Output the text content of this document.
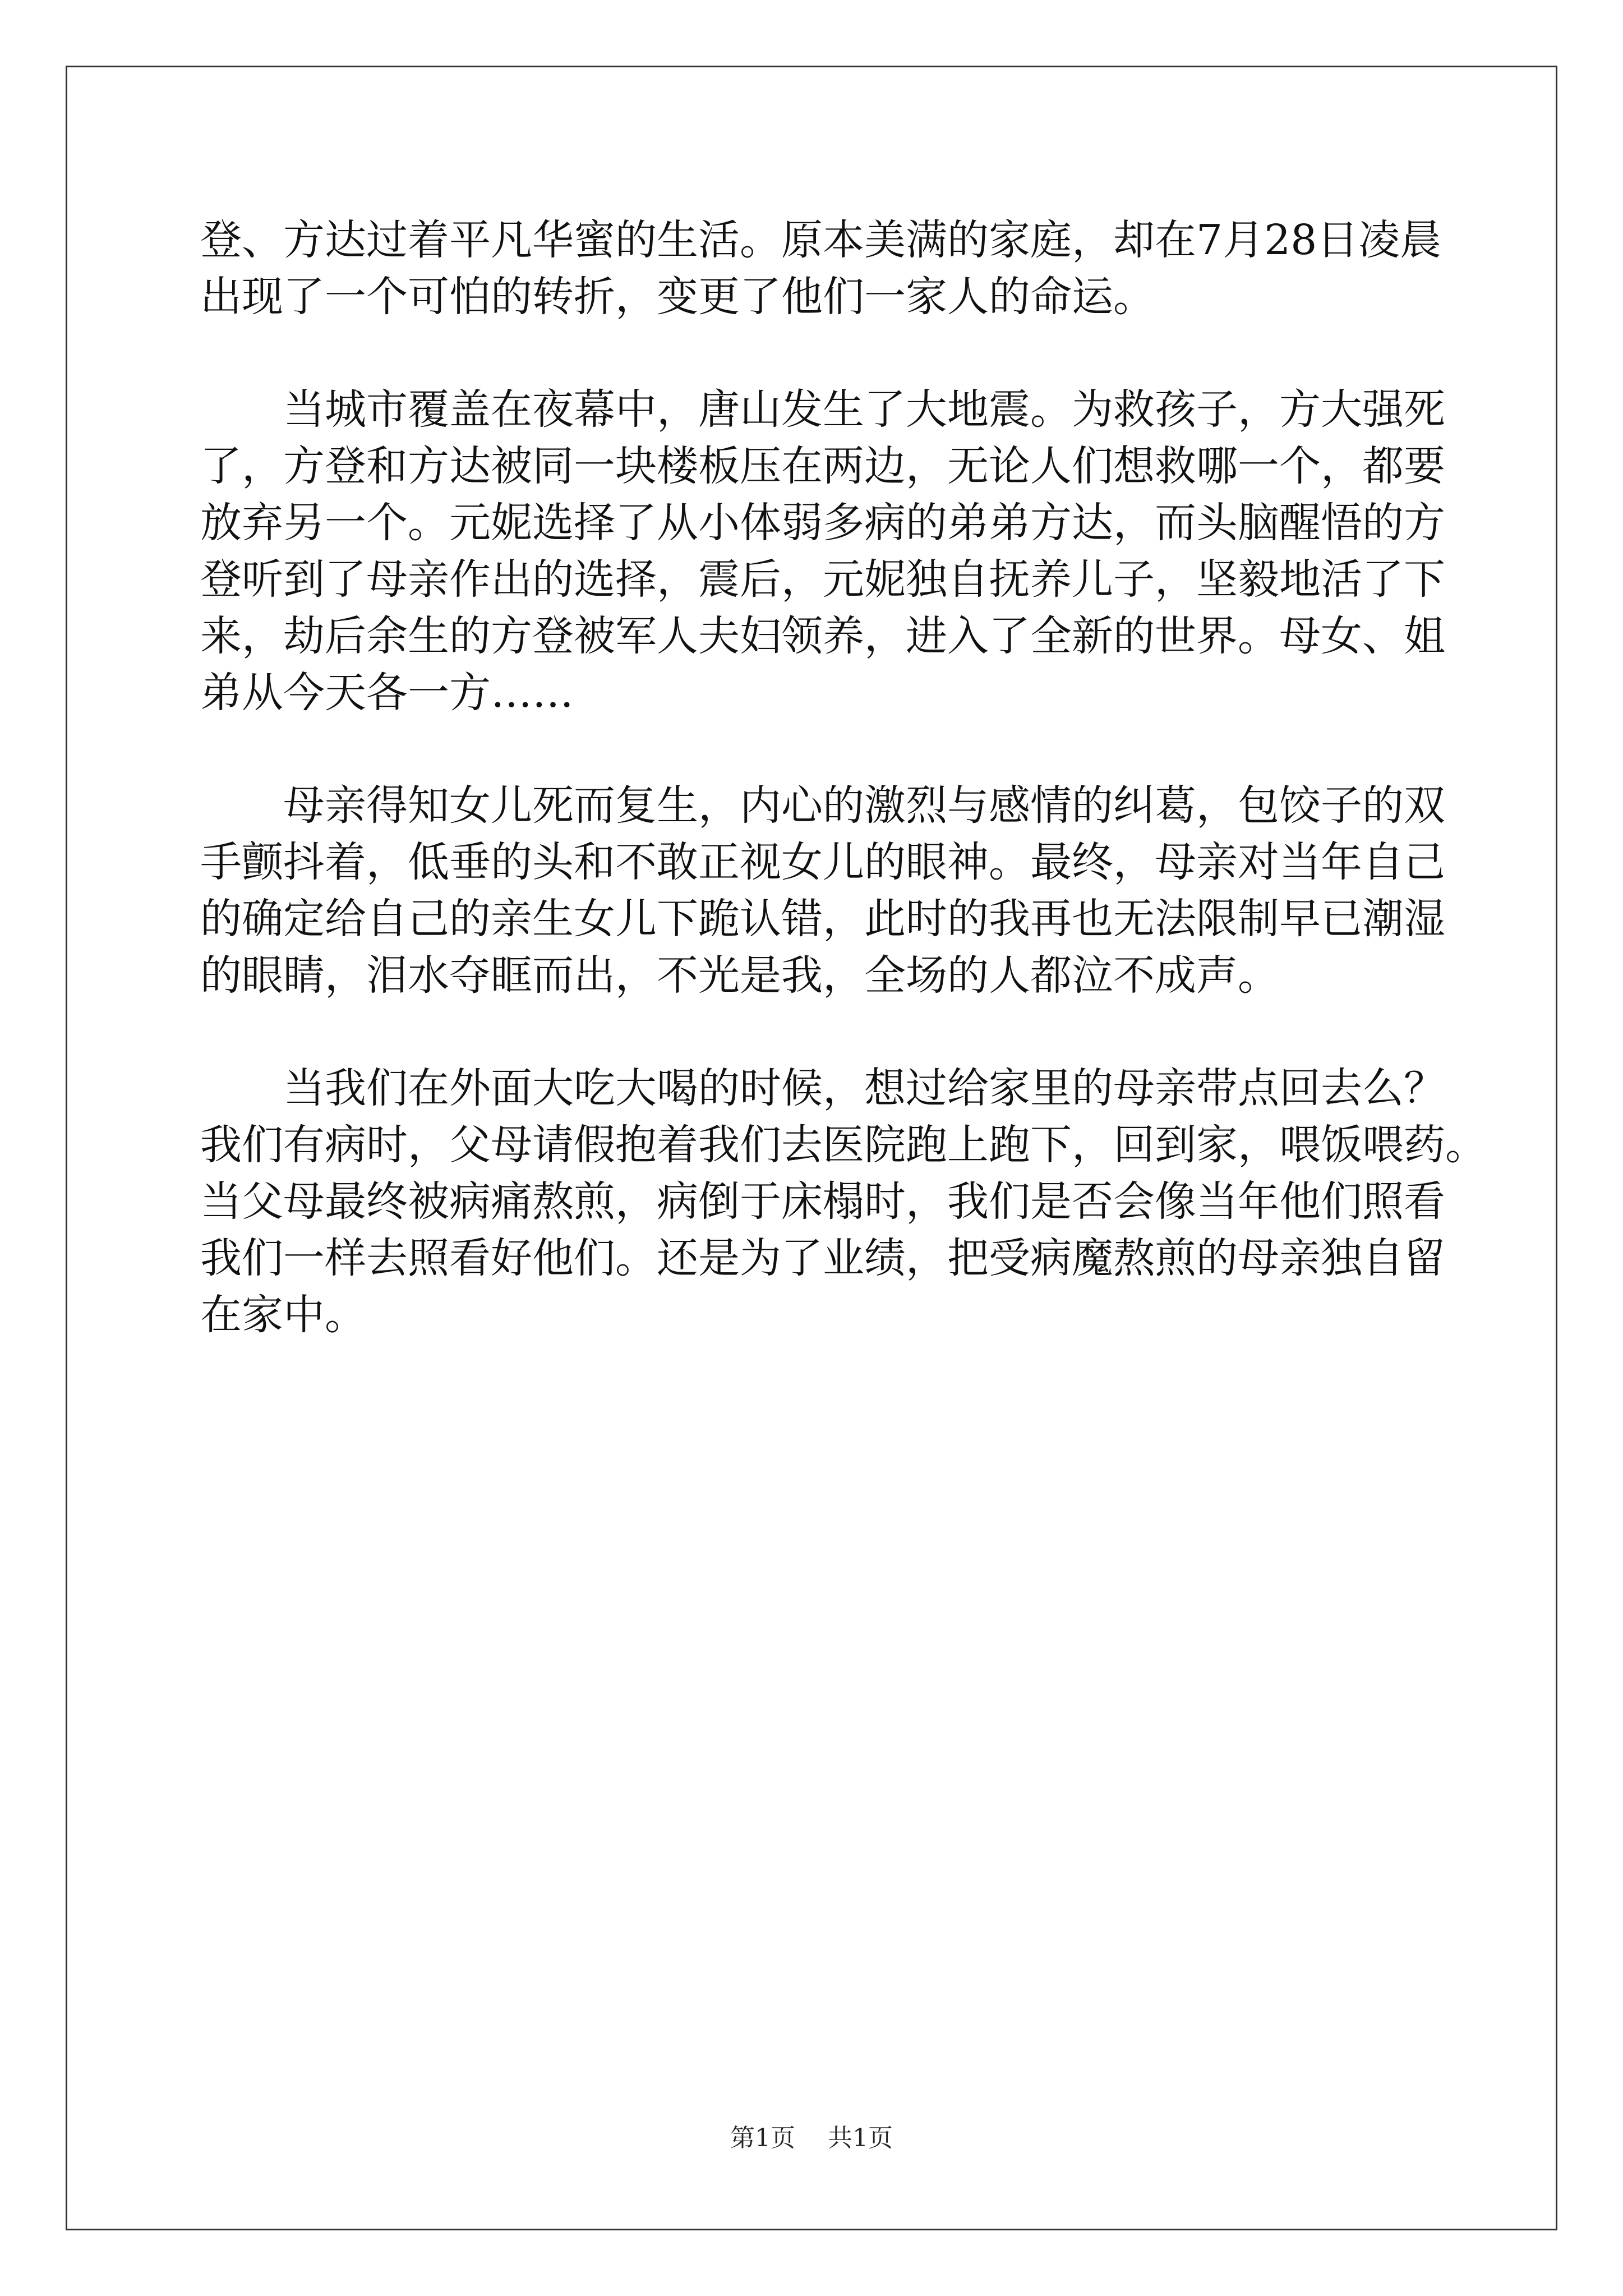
登 、 方 达 过 着 平 凡 华 蜜 的 生 活 。 原 本 美 满 的 家 庭 ， 却 在 7 月 2 8 日 凌 晨
出现了一个可怕的转折，变更了他们一家人的命运。
当 城 市 覆 盖 在 夜 幕 中 ， 唐 山 发 生 了 大 地 震 。 为 救 孩 子 ， 方 大 强 死
了 ， 方 登 和 方 达 被 同 一 块 楼 板 压 在 两 边 ， 无 论 人 们 想 救 哪 一 个 ， 都 要
放 弃 另 一 个 。 元 妮 选 择 了 从 小 体 弱 多 病 的 弟 弟 方 达 ， 而 头 脑 醒 悟 的 方
登 听 到 了 母 亲 作 出 的 选 择 ， 震 后 ， 元 妮 独 自 抚 养 儿 子 ， 坚 毅 地 活 了 下
来 ， 劫 后 余 生 的 方 登 被 军 人 夫 妇 领 养 ， 进 入 了 全 新 的 世 界 。 母 女 、 姐
弟从今天各一方……
母 亲 得 知 女 儿 死 而 复 生 ， 内 心 的 激 烈 与 感 情 的 纠 葛 ， 包 饺 子 的 双
手 颤 抖 着 ， 低 垂 的 头 和 不 敢 正 视 女 儿 的 眼 神 。 最 终 ， 母 亲 对 当 年 自 己
的 确 定 给 自 己 的 亲 生 女 儿 下 跪 认 错 ， 此 时 的 我 再 也 无 法 限 制 早 已 潮 湿
的眼睛，泪水夺眶而出，不光是我，全场的人都泣不成声。
当 我 们 在 外 面 大 吃 大 喝 的 时 候 ， 想 过 给 家 里 的 母 亲 带 点 回 去 么 ？
我 们 有 病 时 ， 父 母 请 假 抱 着 我 们 去 医 院 跑 上 跑 下 ， 回 到 家 ， 喂 饭 喂 药 。
当 父 母 最 终 被 病 痛 熬 煎 ， 病 倒 于 床 榻 时 ， 我 们 是 否 会 像 当 年 他 们 照 看
我 们 一 样 去 照 看 好 他 们 。 还 是 为 了 业 绩 ， 把 受 病 魔 熬 煎 的 母 亲 独 自 留
在家中。
第1页 共1页
